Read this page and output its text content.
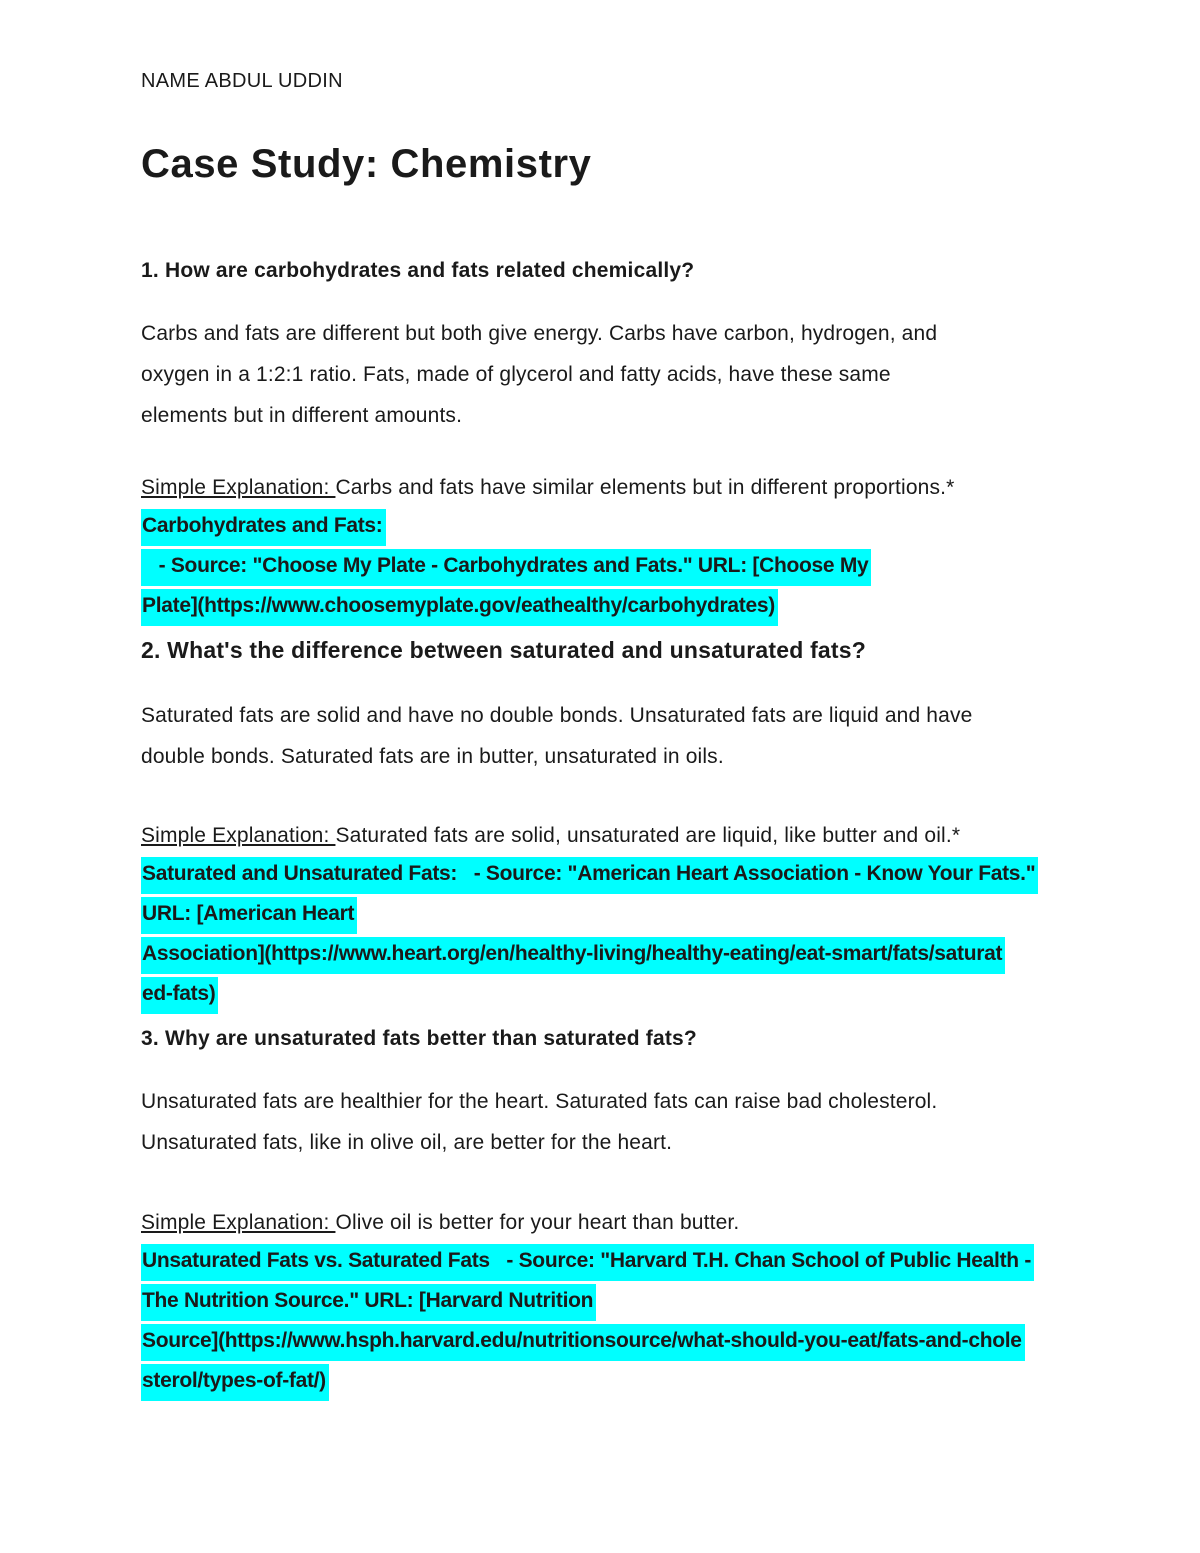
NAME ABDUL UDDIN
Case Study: Chemistry
1. How are carbohydrates and fats related chemically?
Carbs and fats are different but both give energy. Carbs have carbon, hydrogen, and
oxygen in a 1:2:1 ratio. Fats, made of glycerol and fatty acids, have these same
elements but in different amounts.
Simple Explanation: Carbs and fats have similar elements but in different proportions.*
Carbohydrates and Fats:
- Source: "Choose My Plate - Carbohydrates and Fats." URL: [Choose My
Plate](https://www.choosemyplate.gov/eathealthy/carbohydrates)
2. What's the difference between saturated and unsaturated fats?
Saturated fats are solid and have no double bonds. Unsaturated fats are liquid and have
double bonds. Saturated fats are in butter, unsaturated in oils.
Simple Explanation: Saturated fats are solid, unsaturated are liquid, like butter and oil.*
Saturated and Unsaturated Fats:   - Source: "American Heart Association - Know Your Fats."
URL: [American Heart
Association](https://www.heart.org/en/healthy-living/healthy-eating/eat-smart/fats/saturat
ed-fats)
3. Why are unsaturated fats better than saturated fats?
Unsaturated fats are healthier for the heart. Saturated fats can raise bad cholesterol.
Unsaturated fats, like in olive oil, are better for the heart.
Simple Explanation: Olive oil is better for your heart than butter.
Unsaturated Fats vs. Saturated Fats   - Source: "Harvard T.H. Chan School of Public Health -
The Nutrition Source." URL: [Harvard Nutrition
Source](https://www.hsph.harvard.edu/nutritionsource/what-should-you-eat/fats-and-chole
sterol/types-of-fat/)
